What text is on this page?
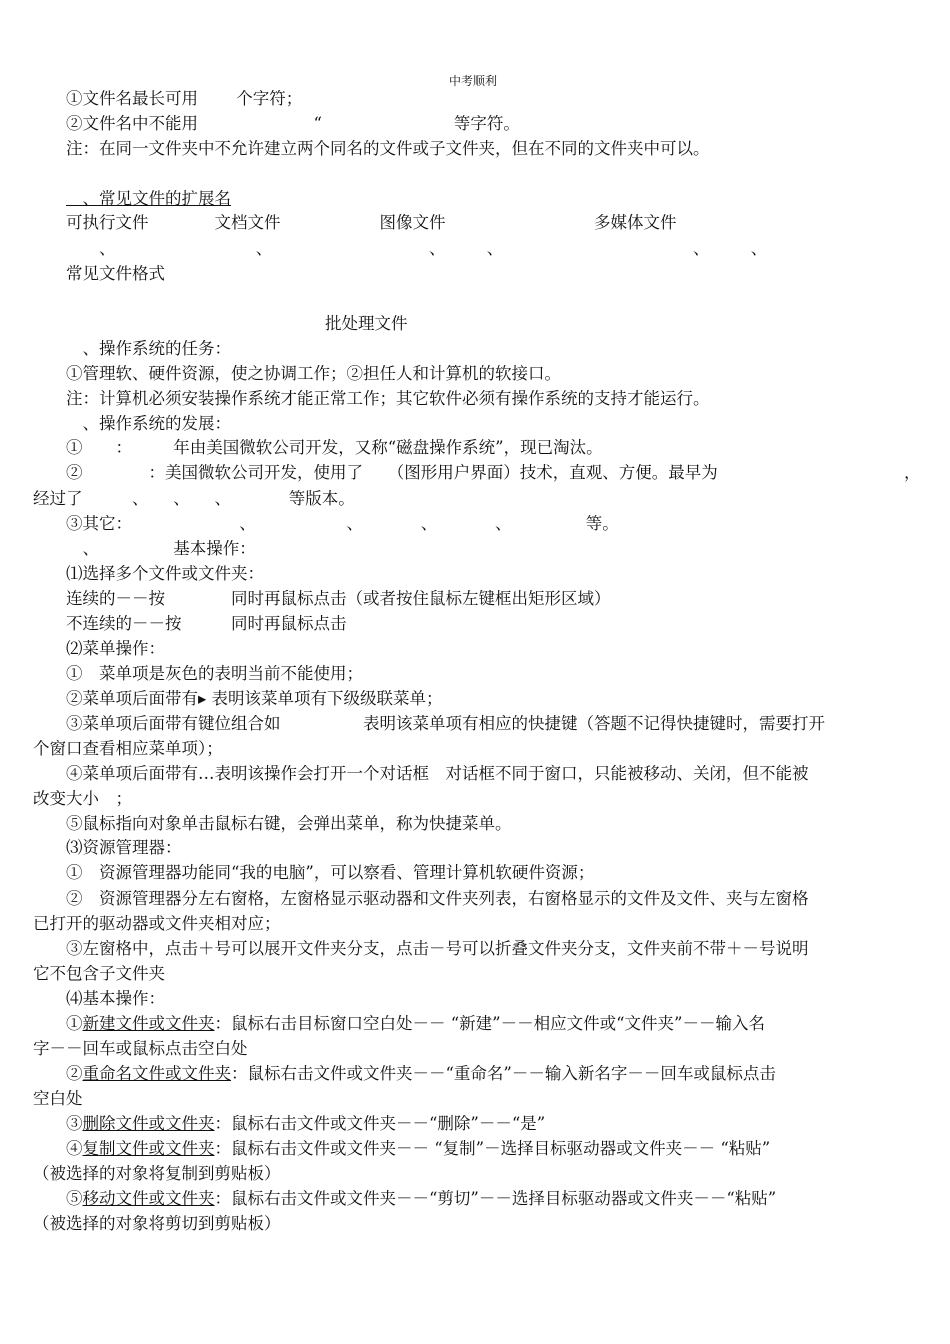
中考顺利
①文件名最长可用　　 个字符；
②文件名中不能用　　　　　　　“　　　　　　　　等字符。
注：在同一文件夹中不允许建立两个同名的文件或子文件夹，但在不同的文件夹中可以。
　、常见文件的扩展名
可执行文件　　　　文档文件　　　　　　图像文件　　　　　　　　　多媒体文件
　　、　　　　　　　　　、　　　　　　　　　　、　　　、　　　　　　　　　　　　、　　　、
常见文件格式
批处理文件
　、操作系统的任务：
①管理软、硬件资源，使之协调工作；②担任人和计算机的软接口。
注：计算机必须安装操作系统才能正常工作；其它软件必须有操作系统的支持才能运行。
　、操作系统的发展：
①　　：　　　年由美国微软公司开发，又称“磁盘操作系统”，现已淘汰。
②　　　　：美国微软公司开发，使用了　　（图形用户界面）技术，直观、方便。最早为	，
经过了　　　、　　、　　、　　　　等版本。
③其它：　　　　　　　、　　　　　　、　　　　、　　　　、　　　　　等。
　、　　　　　基本操作：
⑴选择多个文件或文件夹：
连续的－－按　　　　同时再鼠标点击（或者按住鼠标左键框出矩形区域）
不连续的－－按　　　同时再鼠标点击
⑵菜单操作：
①　菜单项是灰色的表明当前不能使用；
②菜单项后面带有▸ 表明该菜单项有下级级联菜单；
③菜单项后面带有键位组合如　　　　　表明该菜单项有相应的快捷键（答题不记得快捷键时，需要打开
个窗口查看相应菜单项）；
④菜单项后面带有…表明该操作会打开一个对话框　对话框不同于窗口，只能被移动、关闭，但不能被
改变大小　；
⑤鼠标指向对象单击鼠标右键，会弹出菜单，称为快捷菜单。
⑶资源管理器：
①　资源管理器功能同“我的电脑”，可以察看、管理计算机软硬件资源；
②　资源管理器分左右窗格，左窗格显示驱动器和文件夹列表，右窗格显示的文件及文件、夹与左窗格
已打开的驱动器或文件夹相对应；
③左窗格中，点击＋号可以展开文件夹分支，点击－号可以折叠文件夹分支，文件夹前不带＋－号说明
它不包含子文件夹
⑷基本操作：
①新建文件或文件夹：鼠标右击目标窗口空白处－－ “新建”－－相应文件或“文件夹”－－输入名
字－－回车或鼠标点击空白处
②重命名文件或文件夹：鼠标右击文件或文件夹－－“重命名”－－输入新名字－－回车或鼠标点击
空白处
③删除文件或文件夹：鼠标右击文件或文件夹－－“删除”－－“是”
④复制文件或文件夹：鼠标右击文件或文件夹－－ “复制”－选择目标驱动器或文件夹－－ “粘贴”
（被选择的对象将复制到剪贴板）
⑤移动文件或文件夹：鼠标右击文件或文件夹－－“剪切”－－选择目标驱动器或文件夹－－“粘贴”
（被选择的对象将剪切到剪贴板）
